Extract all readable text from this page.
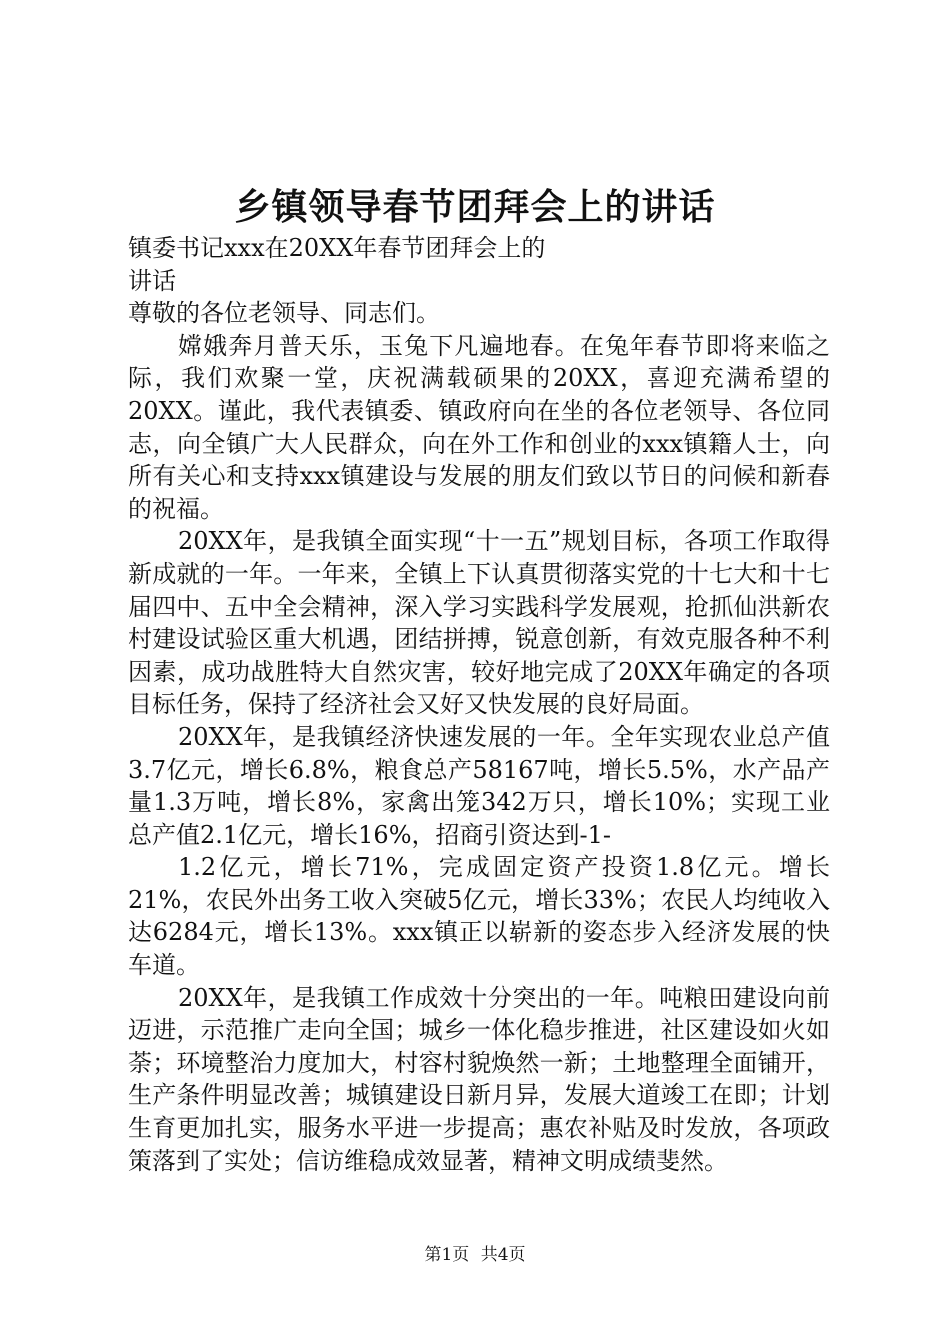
乡镇领导春节团拜会上的讲话

镇委书记xxx在20XX年春节团拜会上的

讲话

尊敬的各位老领导、同志们。

嫦娥奔月普天乐，玉兔下凡遍地春。在兔年春节即将来临之际，我们欢聚一堂，庆祝满载硕果的20XX，喜迎充满希望的20XX。谨此，我代表镇委、镇政府向在坐的各位老领导、各位同志，向全镇广大人民群众，向在外工作和创业的xxx镇籍人士，向所有关心和支持xxx镇建设与发展的朋友们致以节日的问候和新春的祝福。

20XX年，是我镇全面实现“十一五”规划目标，各项工作取得新成就的一年。一年来，全镇上下认真贯彻落实党的十七大和十七届四中、五中全会精神，深入学习实践科学发展观，抢抓仙洪新农村建设试验区重大机遇，团结拼搏，锐意创新，有效克服各种不利因素，成功战胜特大自然灾害，较好地完成了20XX年确定的各项目标任务，保持了经济社会又好又快发展的良好局面。

20XX年，是我镇经济快速发展的一年。全年实现农业总产值3.7亿元，增长6.8%，粮食总产58167吨，增长5.5%，水产品产量1.3万吨，增长8%，家禽出笼342万只，增长10%；实现工业总产值2.1亿元，增长16%，招商引资达到-1-

1.2亿元，增长71%，完成固定资产投资1.8亿元。增长21%，农民外出务工收入突破5亿元，增长33%；农民人均纯收入达6284元，增长13%。xxx镇正以崭新的姿态步入经济发展的快车道。

20XX年，是我镇工作成效十分突出的一年。吨粮田建设向前迈进，示范推广走向全国；城乡一体化稳步推进，社区建设如火如荼；环境整治力度加大，村容村貌焕然一新；土地整理全面铺开，生产条件明显改善；城镇建设日新月异，发展大道竣工在即；计划生育更加扎实，服务水平进一步提高；惠农补贴及时发放，各项政策落到了实处；信访维稳成效显著，精神文明成绩斐然。

第1页 共4页
